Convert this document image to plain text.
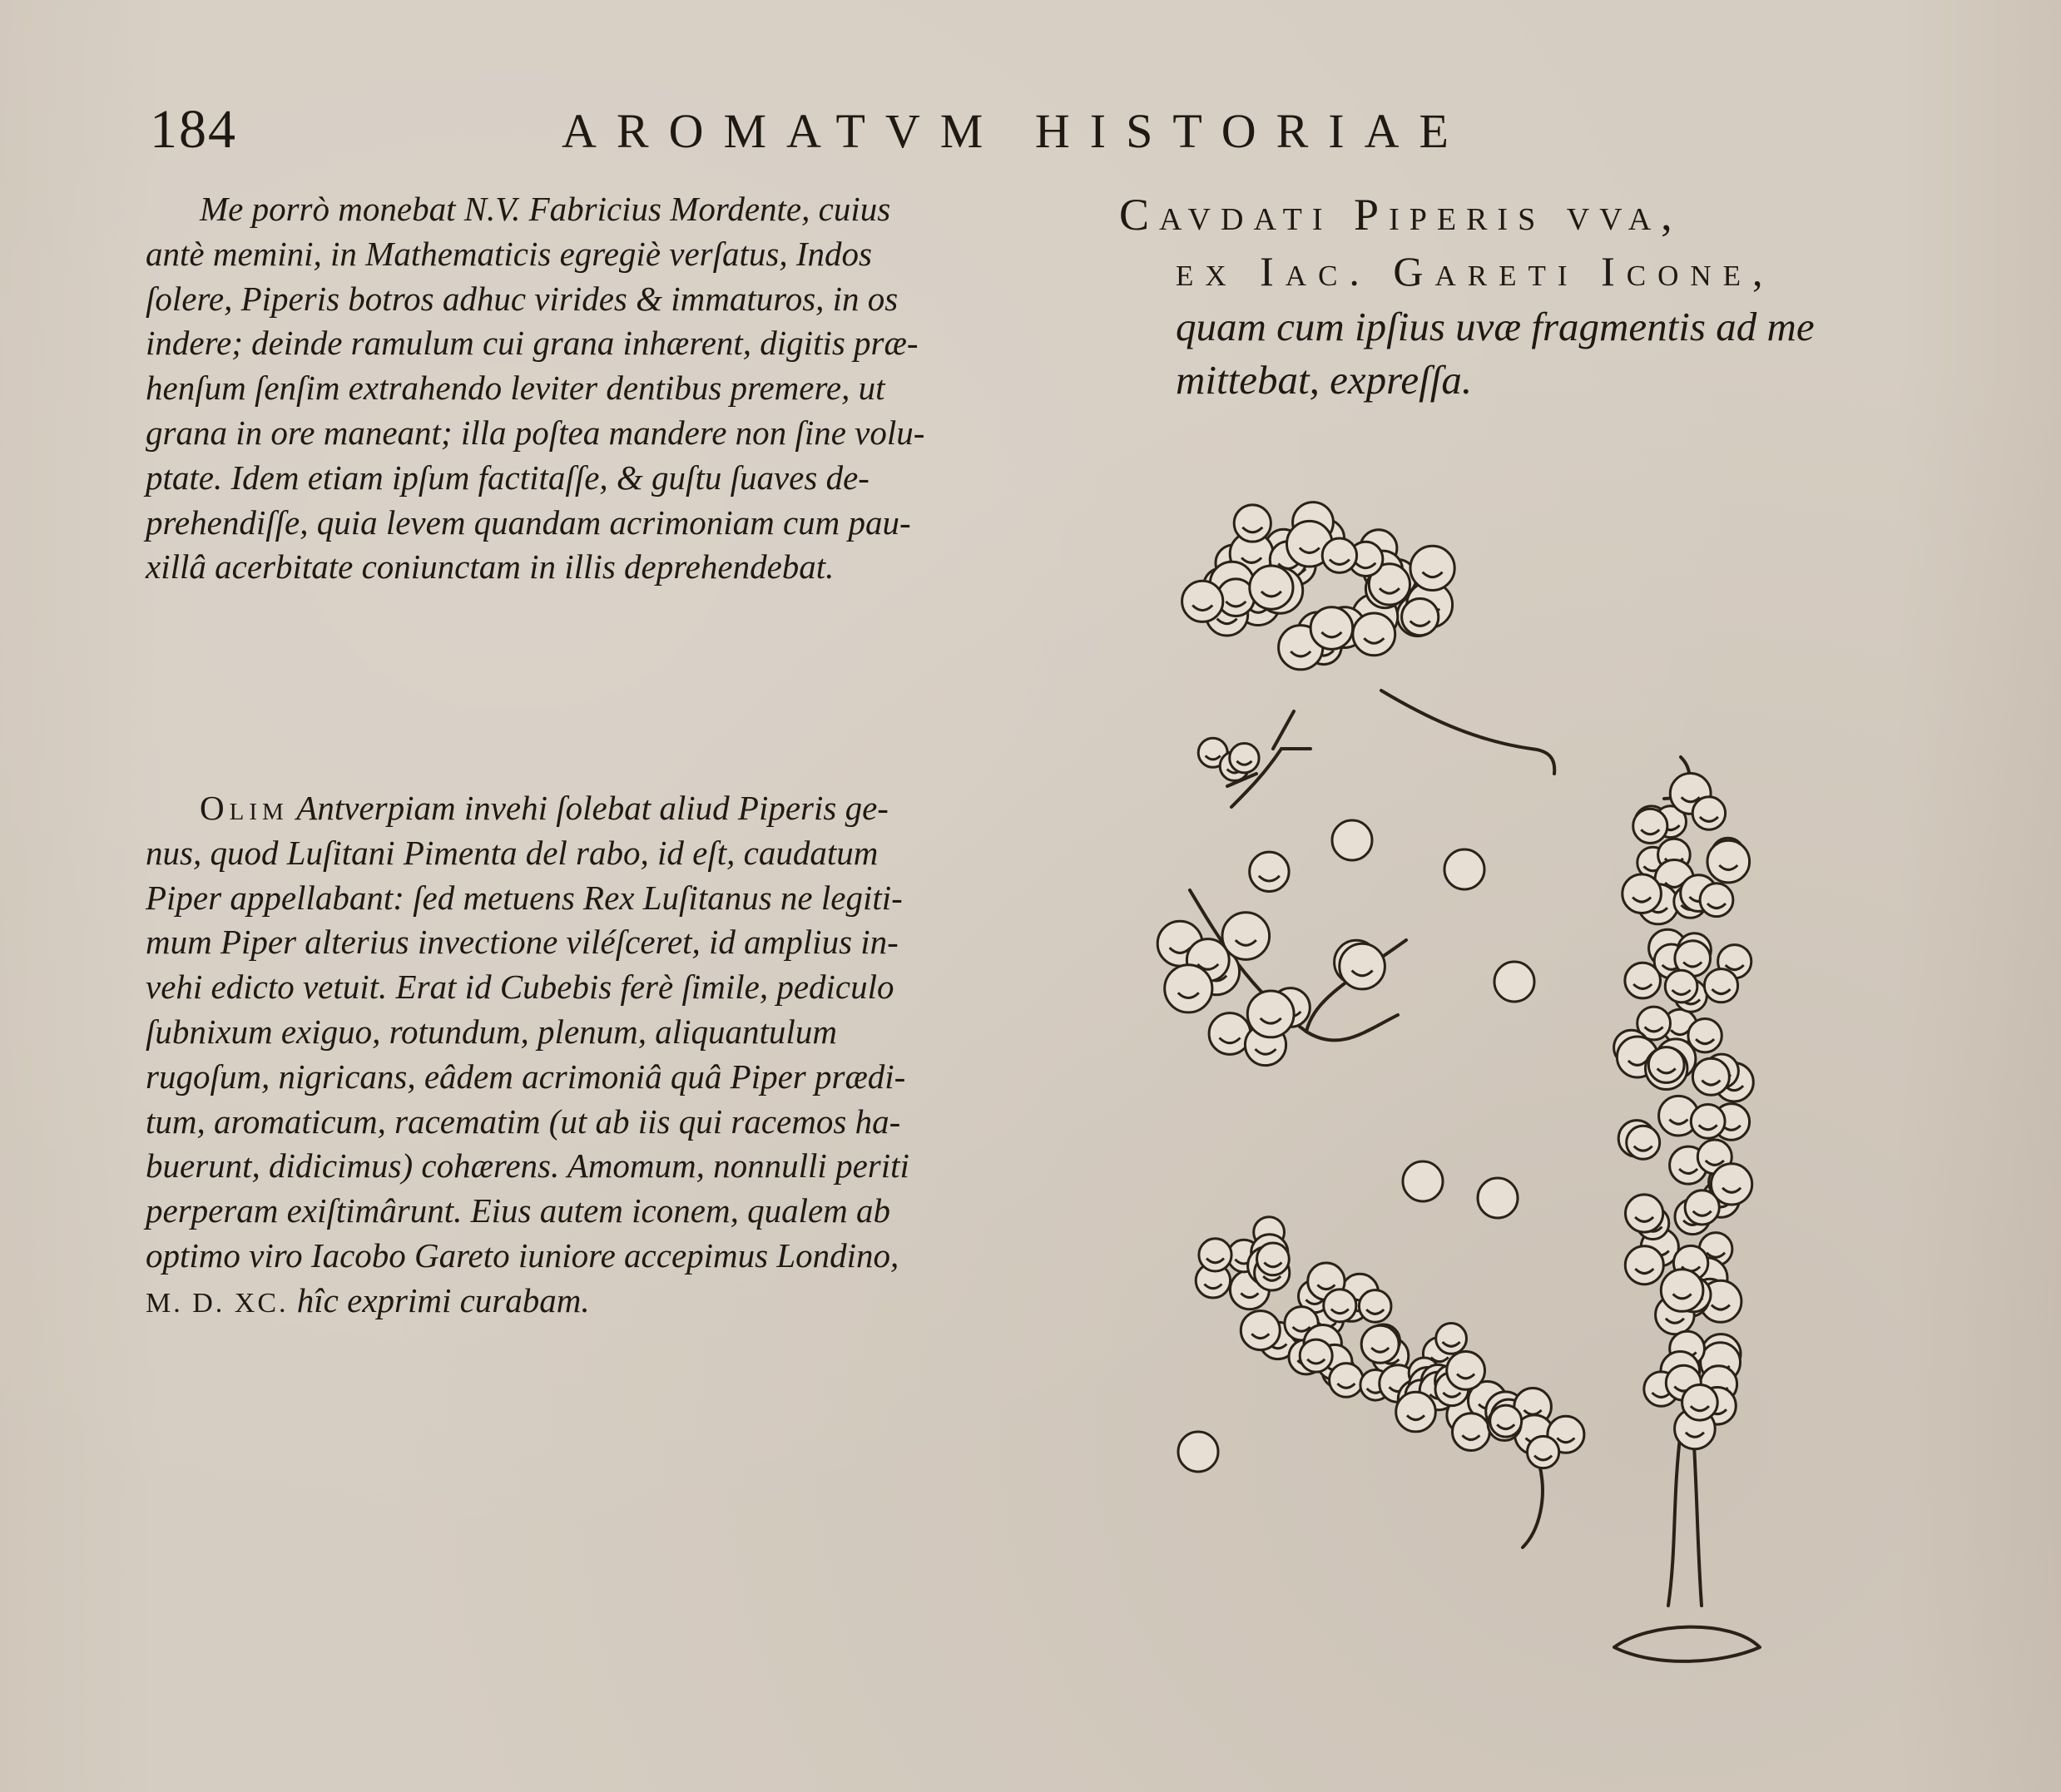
184	AROMATVM HISTORIAE

Me porrò monebat N.V. Fabricius Mordente, cuius
antè memini, in Mathematicis egregiè verſatus, Indos
ſolere, Piperis botros adhuc virides & immaturos, in os
indere; deinde ramulum cui grana inhærent, digitis præ-
henſum ſenſim extrahendo leviter dentibus premere, ut
grana in ore maneant; illa poſtea mandere non ſine volu-
ptate. Idem etiam ipſum factitaſſe, & guſtu ſuaves de-
prehendiſſe, quia levem quandam acrimoniam cum pau-
xillâ acerbitate coniunctam in illis deprehendebat.

Olim Antverpiam invehi ſolebat aliud Piperis ge-
nus, quod Luſitani Pimenta del rabo, id eſt, caudatum
Piper appellabant: ſed metuens Rex Luſitanus ne legiti-
mum Piper alterius invectione viléſceret, id amplius in-
vehi edicto vetuit. Erat id Cubebis ferè ſimile, pediculo
ſubnixum exiguo, rotundum, plenum, aliquantulum
rugoſum, nigricans, eâdem acrimoniâ quâ Piper prædi-
tum, aromaticum, racematim (ut ab iis qui racemos ha-
buerunt, didicimus) cohærens. Amomum, nonnulli periti
perperam exiſtimârunt. Eius autem iconem, qualem ab
optimo viro Iacobo Gareto iuniore accepimus Londino,
M. D. XC. hîc exprimi curabam.

Cavdati Piperis vva,

ex Iac. Gareti Icone,

quam cum ipſius uvæ fragmentis ad me
mittebat, expreſſa.
